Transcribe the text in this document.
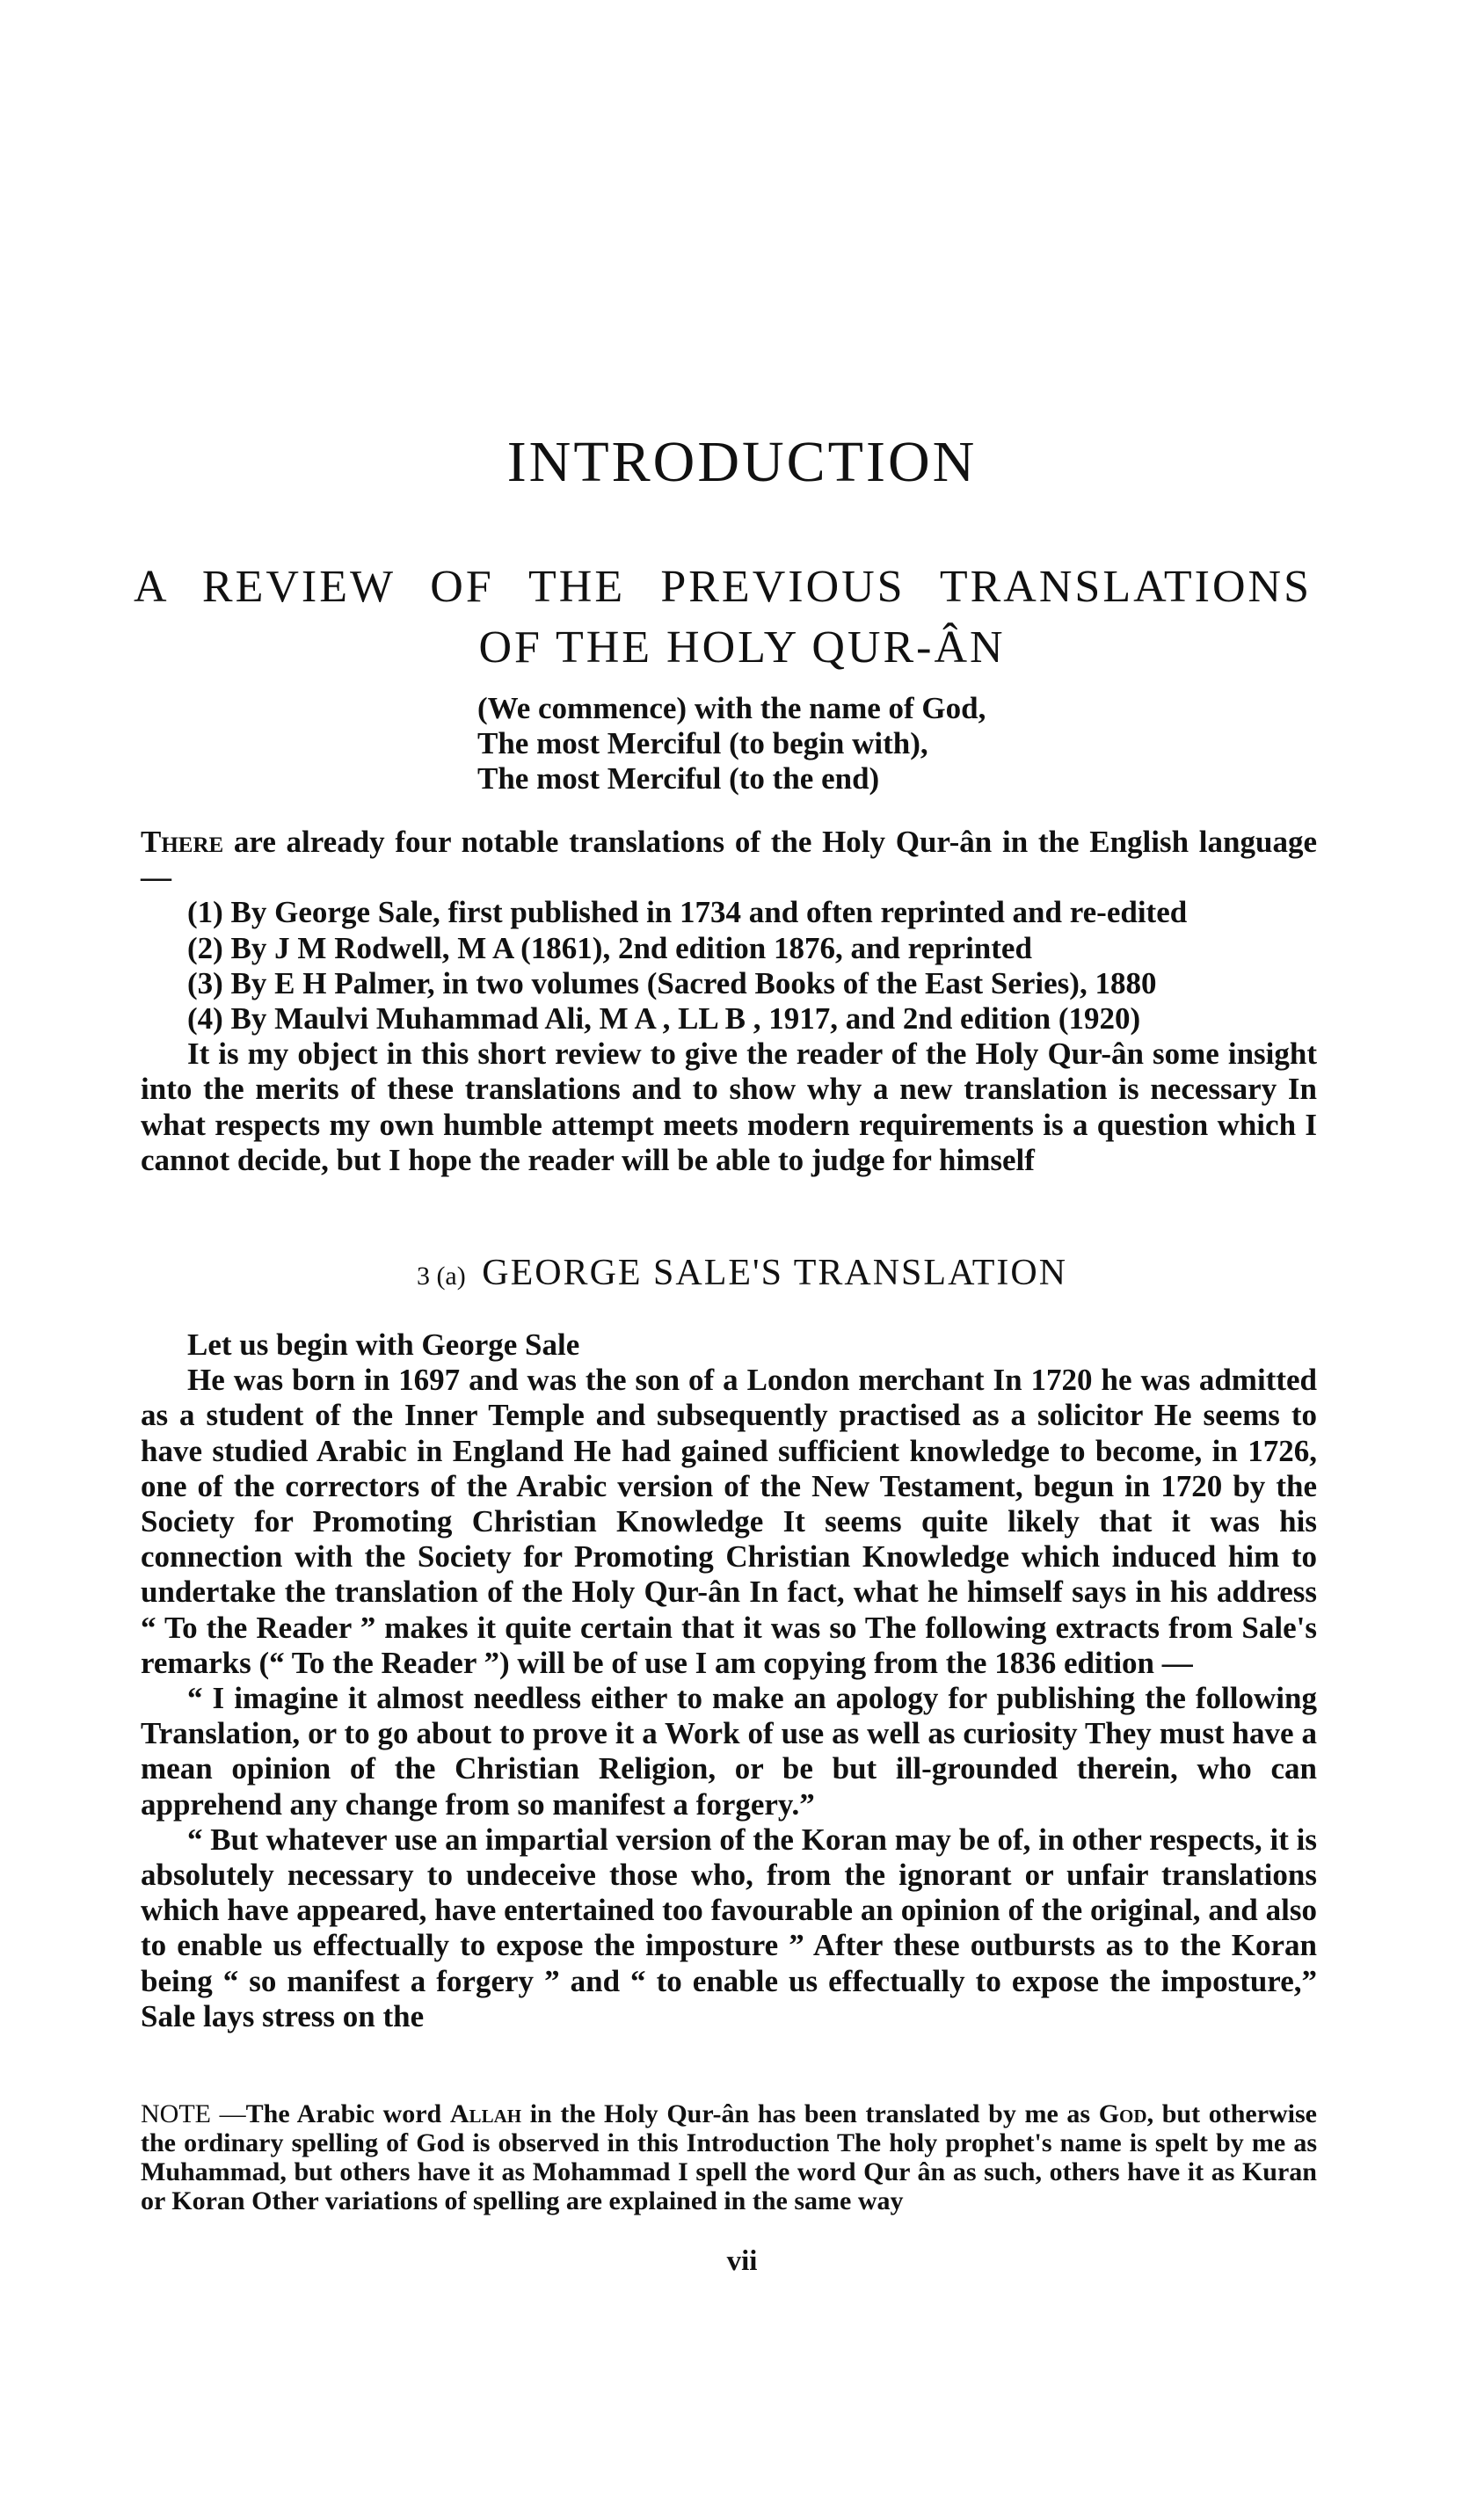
INTRODUCTION
A REVIEW OF THE PREVIOUS TRANSLATIONS
OF THE HOLY QUR-ÂN
(We commence) with the name of God,
The most Merciful (to begin with),
The most Merciful (to the end)

There are already four notable translations of the Holy Qur-ân in the English language —

(1) By George Sale, first published in 1734 and often reprinted and re-edited

(2) By J M Rodwell, M A (1861), 2nd edition 1876, and reprinted

(3) By E H Palmer, in two volumes (Sacred Books of the East Series), 1880

(4) By Maulvi Muhammad Ali, M A , LL B , 1917, and 2nd edition (1920)

It is my object in this short review to give the reader of the Holy Qur-ân some insight into the merits of these translations and to show why a new translation is necessary In what respects my own humble attempt meets modern requirements is a question which I cannot decide, but I hope the reader will be able to judge for himself

3 (a) GEORGE SALE'S TRANSLATION

Let us begin with George Sale

He was born in 1697 and was the son of a London merchant In 1720 he was admitted as a student of the Inner Temple and subsequently practised as a solicitor He seems to have studied Arabic in England He had gained sufficient knowledge to become, in 1726, one of the correctors of the Arabic version of the New Testament, begun in 1720 by the Society for Promoting Christian Knowledge It seems quite likely that it was his connection with the Society for Promoting Christian Knowledge which induced him to undertake the translation of the Holy Qur-ân In fact, what he himself says in his address “ To the Reader ” makes it quite certain that it was so The following extracts from Sale's remarks (“ To the Reader ”) will be of use I am copying from the 1836 edition —

“ I imagine it almost needless either to make an apology for publishing the following Translation, or to go about to prove it a Work of use as well as curiosity They must have a mean opinion of the Christian Religion, or be but ill-grounded therein, who can apprehend any change from so manifest a forgery.”

“ But whatever use an impartial version of the Koran may be of, in other respects, it is absolutely necessary to undeceive those who, from the ignorant or unfair translations which have appeared, have entertained too favourable an opinion of the original, and also to enable us effectually to expose the imposture ” After these outbursts as to the Koran being “ so manifest a forgery ” and “ to enable us effectually to expose the imposture,” Sale lays stress on the

NOTE —The Arabic word Allah in the Holy Qur-ân has been translated by me as God, but otherwise the ordinary spelling of God is observed in this Introduction The holy prophet's name is spelt by me as Muhammad, but others have it as Mohammad I spell the word Qur ân as such, others have it as Kuran or Koran Other variations of spelling are explained in the same way

vii
